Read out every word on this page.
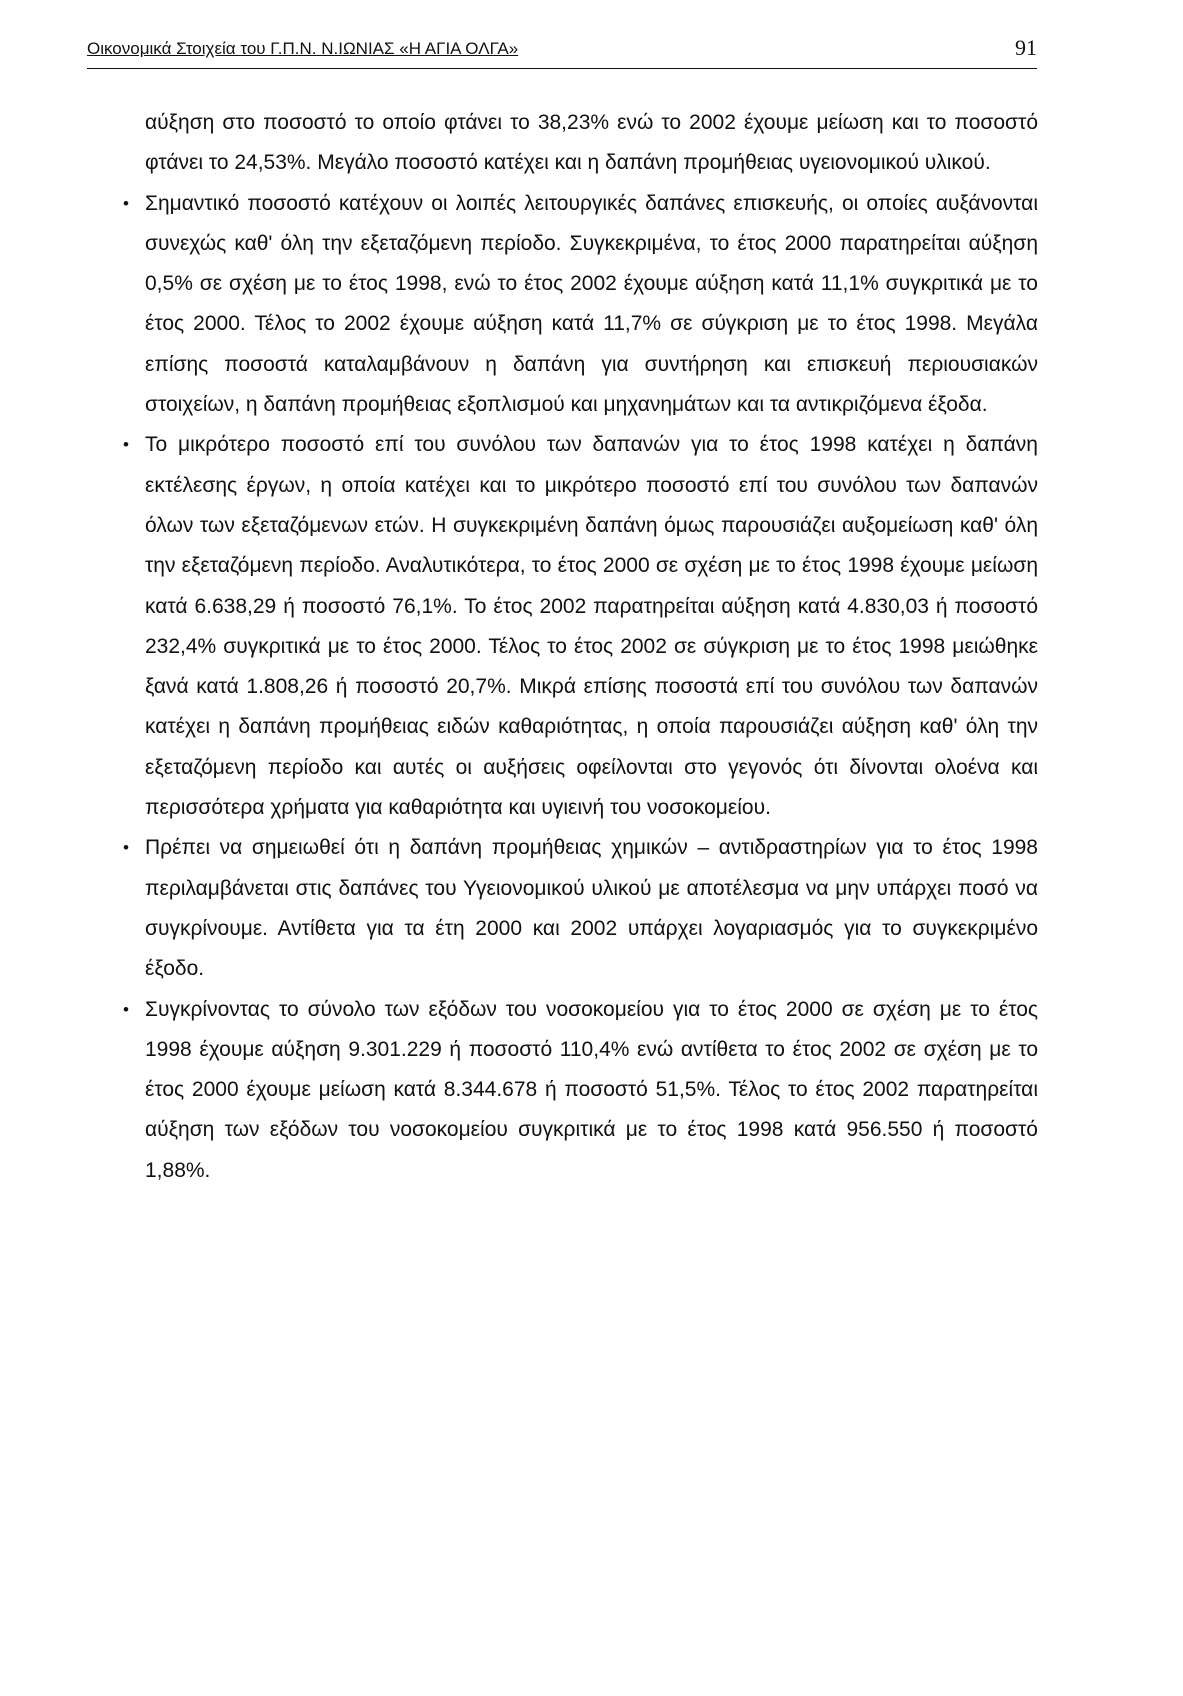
Οικονομικά Στοιχεία του Γ.Π.Ν. Ν.ΙΩΝΙΑΣ «Η ΑΓΙΑ ΟΛΓΑ»	91

αύξηση στο ποσοστό το οποίο φτάνει το 38,23% ενώ το 2002 έχουμε μείωση και το ποσοστό φτάνει το 24,53%. Μεγάλο ποσοστό κατέχει και η δαπάνη προμήθειας υγειονομικού υλικού.

• Σημαντικό ποσοστό κατέχουν οι λοιπές λειτουργικές δαπάνες επισκευής, οι οποίες αυξάνονται συνεχώς καθ' όλη την εξεταζόμενη περίοδο. Συγκεκριμένα, το έτος 2000 παρατηρείται αύξηση 0,5% σε σχέση με το έτος 1998, ενώ το έτος 2002 έχουμε αύξηση κατά 11,1% συγκριτικά με το έτος 2000. Τέλος το 2002 έχουμε αύξηση κατά 11,7% σε σύγκριση με το έτος 1998. Μεγάλα επίσης ποσοστά καταλαμβάνουν η δαπάνη για συντήρηση και επισκευή περιουσιακών στοιχείων, η δαπάνη προμήθειας εξοπλισμού και μηχανημάτων και τα αντικριζόμενα έξοδα.

• Το μικρότερο ποσοστό επί του συνόλου των δαπανών για το έτος 1998 κατέχει η δαπάνη εκτέλεσης έργων, η οποία κατέχει και το μικρότερο ποσοστό επί του συνόλου των δαπανών όλων των εξεταζόμενων ετών. Η συγκεκριμένη δαπάνη όμως παρουσιάζει αυξομείωση καθ' όλη την εξεταζόμενη περίοδο. Αναλυτικότερα, το έτος 2000 σε σχέση με το έτος 1998 έχουμε μείωση κατά 6.638,29 ή ποσοστό 76,1%. Το έτος 2002 παρατηρείται αύξηση κατά 4.830,03 ή ποσοστό 232,4% συγκριτικά με το έτος 2000. Τέλος το έτος 2002 σε σύγκριση με το έτος 1998 μειώθηκε ξανά κατά 1.808,26 ή ποσοστό 20,7%. Μικρά επίσης ποσοστά επί του συνόλου των δαπανών κατέχει η δαπάνη προμήθειας ειδών καθαριότητας, η οποία παρουσιάζει αύξηση καθ' όλη την εξεταζόμενη περίοδο και αυτές οι αυξήσεις οφείλονται στο γεγονός ότι δίνονται ολοένα και περισσότερα χρήματα για καθαριότητα και υγιεινή του νοσοκομείου.

• Πρέπει να σημειωθεί ότι η δαπάνη προμήθειας χημικών – αντιδραστηρίων για το έτος 1998 περιλαμβάνεται στις δαπάνες του Υγειονομικού υλικού με αποτέλεσμα να μην υπάρχει ποσό να συγκρίνουμε. Αντίθετα για τα έτη 2000 και 2002 υπάρχει λογαριασμός για το συγκεκριμένο έξοδο.

• Συγκρίνοντας το σύνολο των εξόδων του νοσοκομείου για το έτος 2000 σε σχέση με το έτος 1998 έχουμε αύξηση 9.301.229 ή ποσοστό 110,4% ενώ αντίθετα το έτος 2002 σε σχέση με το έτος 2000 έχουμε μείωση κατά 8.344.678 ή ποσοστό 51,5%. Τέλος το έτος 2002 παρατηρείται αύξηση των εξόδων του νοσοκομείου συγκριτικά με το έτος 1998 κατά 956.550 ή ποσοστό 1,88%.
